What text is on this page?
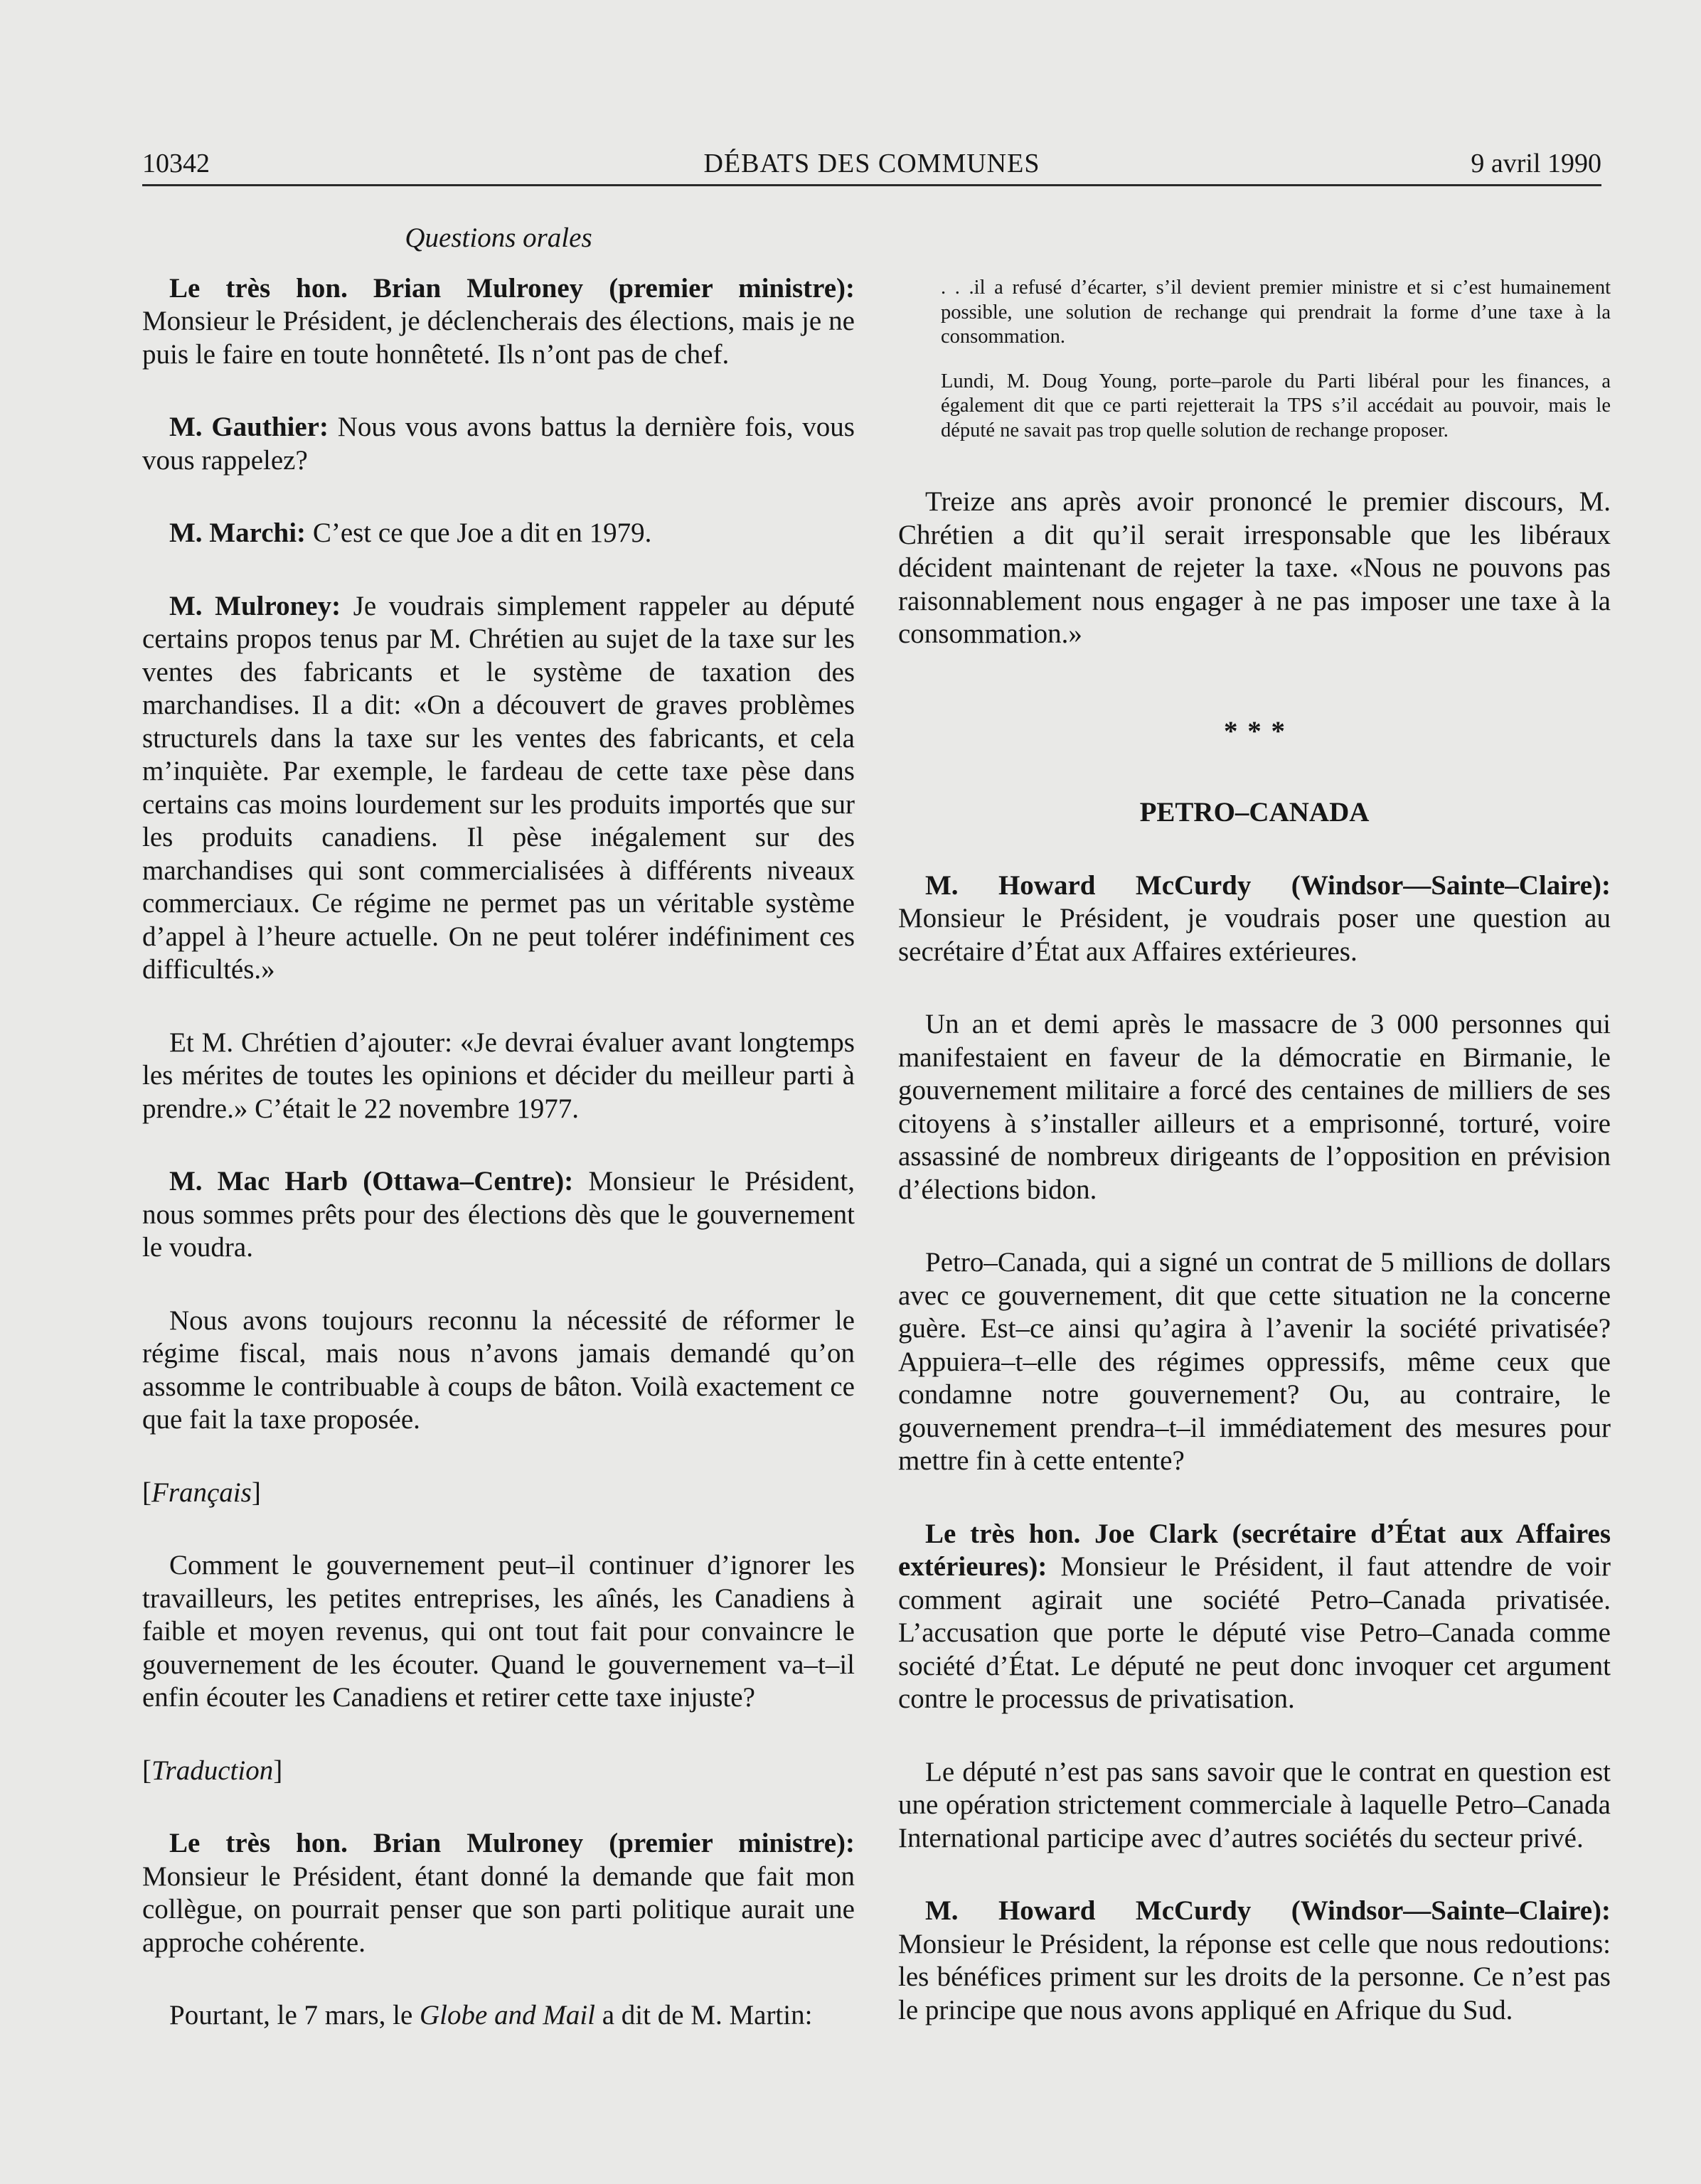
10342	DÉBATS DES COMMUNES	9 avril 1990

Questions orales

Le très hon. Brian Mulroney (premier ministre): Monsieur le Président, je déclencherais des élections, mais je ne puis le faire en toute honnêteté. Ils n’ont pas de chef.

M. Gauthier: Nous vous avons battus la dernière fois, vous vous rappelez?

M. Marchi: C’est ce que Joe a dit en 1979.

M. Mulroney: Je voudrais simplement rappeler au député certains propos tenus par M. Chrétien au sujet de la taxe sur les ventes des fabricants et le système de taxation des marchandises. Il a dit: «On a découvert de graves problèmes structurels dans la taxe sur les ventes des fabricants, et cela m’inquiète. Par exemple, le fardeau de cette taxe pèse dans certains cas moins lourdement sur les produits importés que sur les produits canadiens. Il pèse inégalement sur des marchandises qui sont commercialisées à différents niveaux commerciaux. Ce régime ne permet pas un véritable système d’appel à l’heure actuelle. On ne peut tolérer indéfiniment ces difficultés.»

Et M. Chrétien d’ajouter: «Je devrai évaluer avant longtemps les mérites de toutes les opinions et décider du meilleur parti à prendre.» C’était le 22 novembre 1977.

M. Mac Harb (Ottawa–Centre): Monsieur le Président, nous sommes prêts pour des élections dès que le gouvernement le voudra.

Nous avons toujours reconnu la nécessité de réformer le régime fiscal, mais nous n’avons jamais demandé qu’on assomme le contribuable à coups de bâton. Voilà exactement ce que fait la taxe proposée.

[Français]

Comment le gouvernement peut–il continuer d’ignorer les travailleurs, les petites entreprises, les aînés, les Canadiens à faible et moyen revenus, qui ont tout fait pour convaincre le gouvernement de les écouter. Quand le gouvernement va–t–il enfin écouter les Canadiens et retirer cette taxe injuste?

[Traduction]

Le très hon. Brian Mulroney (premier ministre): Monsieur le Président, étant donné la demande que fait mon collègue, on pourrait penser que son parti politique aurait une approche cohérente.

Pourtant, le 7 mars, le Globe and Mail a dit de M. Martin:

. . .il a refusé d’écarter, s’il devient premier ministre et si c’est humainement possible, une solution de rechange qui prendrait la forme d’une taxe à la consommation.

Lundi, M. Doug Young, porte–parole du Parti libéral pour les finances, a également dit que ce parti rejetterait la TPS s’il accédait au pouvoir, mais le député ne savait pas trop quelle solution de rechange proposer.

Treize ans après avoir prononcé le premier discours, M. Chrétien a dit qu’il serait irresponsable que les libéraux décident maintenant de rejeter la taxe. «Nous ne pouvons pas raisonnablement nous engager à ne pas imposer une taxe à la consommation.»

* * *

PETRO–CANADA

M. Howard McCurdy (Windsor—Sainte–Claire): Monsieur le Président, je voudrais poser une question au secrétaire d’État aux Affaires extérieures.

Un an et demi après le massacre de 3 000 personnes qui manifestaient en faveur de la démocratie en Birmanie, le gouvernement militaire a forcé des centaines de milliers de ses citoyens à s’installer ailleurs et a emprisonné, torturé, voire assassiné de nombreux dirigeants de l’opposition en prévision d’élections bidon.

Petro–Canada, qui a signé un contrat de 5 millions de dollars avec ce gouvernement, dit que cette situation ne la concerne guère. Est–ce ainsi qu’agira à l’avenir la société privatisée? Appuiera–t–elle des régimes oppressifs, même ceux que condamne notre gouvernement? Ou, au contraire, le gouvernement prendra–t–il immédiatement des mesures pour mettre fin à cette entente?

Le très hon. Joe Clark (secrétaire d’État aux Affaires extérieures): Monsieur le Président, il faut attendre de voir comment agirait une société Petro–Canada privatisée. L’accusation que porte le député vise Petro–Canada comme société d’État. Le député ne peut donc invoquer cet argument contre le processus de privatisation.

Le député n’est pas sans savoir que le contrat en question est une opération strictement commerciale à laquelle Petro–Canada International participe avec d’autres sociétés du secteur privé.

M. Howard McCurdy (Windsor—Sainte–Claire): Monsieur le Président, la réponse est celle que nous redoutions: les bénéfices priment sur les droits de la personne. Ce n’est pas le principe que nous avons appliqué en Afrique du Sud.
